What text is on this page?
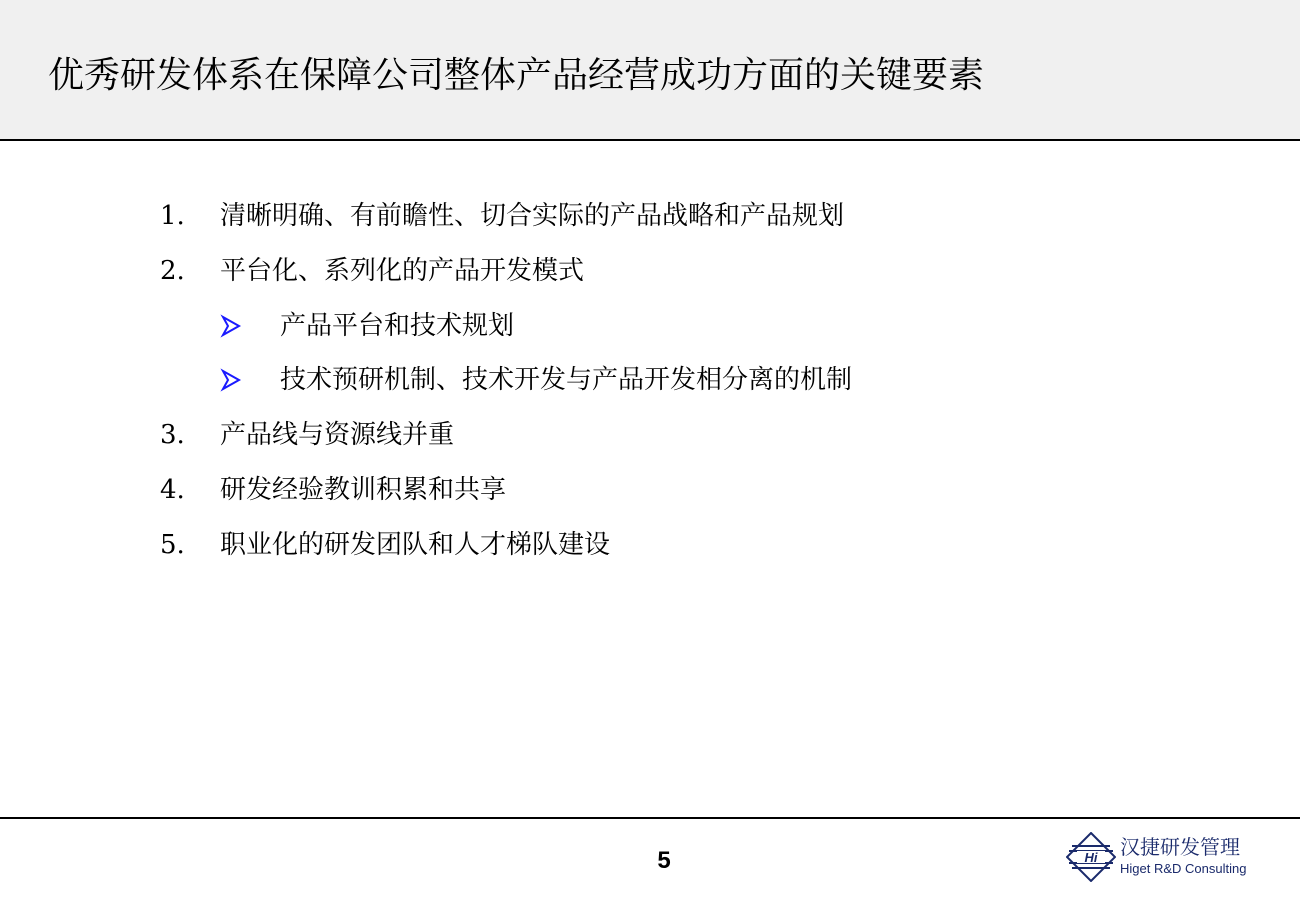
优秀研发体系在保障公司整体产品经营成功方面的关键要素
1.	清晰明确、有前瞻性、切合实际的产品战略和产品规划
2.	平台化、系列化的产品开发模式
产品平台和技术规划
技术预研机制、技术开发与产品开发相分离的机制
3.	产品线与资源线并重
4.	研发经验教训积累和共享
5.	职业化的研发团队和人才梯队建设
5	Hi 汉捷研发管理
Higet R&D Consulting
